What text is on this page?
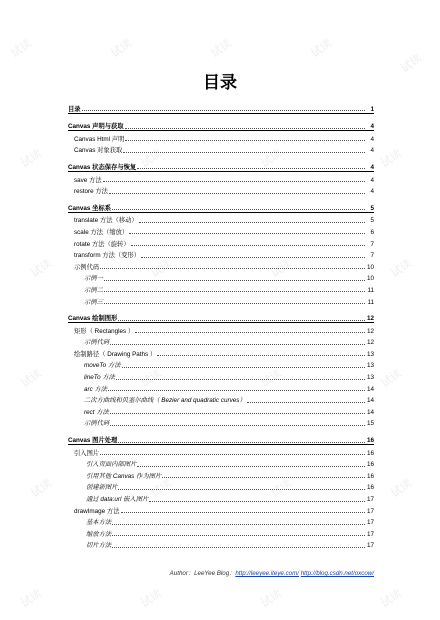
试读	试读	试读	试读
试读
试读	试读	试读	试读
试读	试读	试读	试读
试读	试读	试读	试读
试读	试读	试读	试读
试读	试读	试读	试读
目录
目录	1
Canvas 声明与获取	4
Canvas Html 声明	4
Canvas 对象获取	4
Canvas 状态保存与恢复	4
save 方法	4
restore 方法	4
Canvas 坐标系	5
translate 方法（移动）	5
scale 方法（缩放）	6
rotate 方法（旋转）	7
transform 方法（变形）	7
示例代码	10
示例一	10
示例二	11
示例三	11
Canvas 绘制图形	12
矩形（ Rectangles ）	12
示例代码	12
绘制路径（ Drawing Paths ）	13
moveTo 方法	13
lineTo 方法	13
arc 方法	14
二次方曲线和贝塞尔曲线（ Bezier and quadratic curves）	14
rect 方法	14
示例代码	15
Canvas 图片处理	16
引入图片	16
引入页面内部图片	16
引用其他 Canvas 作为图片	16
创建新图片	16
通过 data:url 嵌入图片	17
drawImage 方法	17
基本方法	17
缩放方法	17
切片方法	17
Author：LeeYee Blog：http://leeyee.iteye.com/ http://blog.csdn.net/oxcow/
